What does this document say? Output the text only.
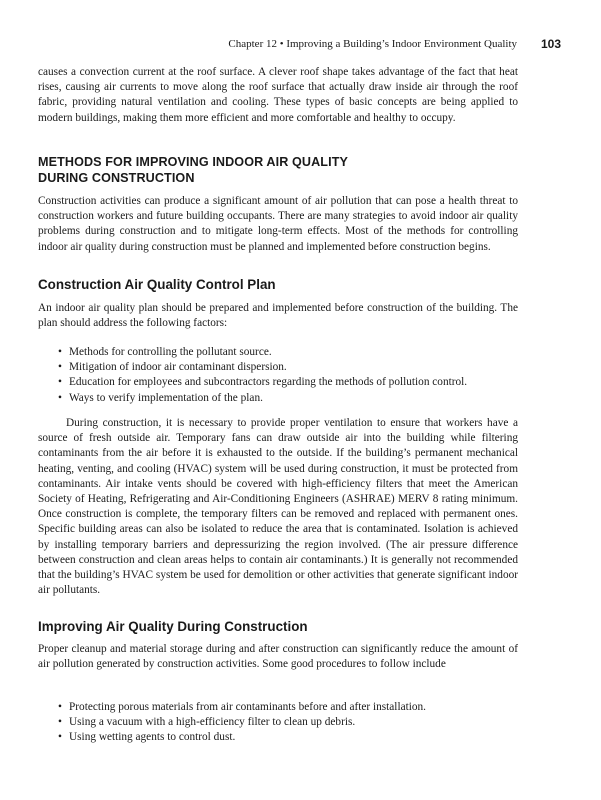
Chapter 12 • Improving a Building’s Indoor Environment Quality 103

causes a convection current at the roof surface. A clever roof shape takes advantage of the fact that heat rises, causing air currents to move along the roof surface that actually draw inside air through the roof fabric, providing natural ventilation and cooling. These types of basic concepts are being applied to modern buildings, making them more efficient and more comfortable and healthy to occupy.

METHODS FOR IMPROVING INDOOR AIR QUALITY
DURING CONSTRUCTION

Construction activities can produce a significant amount of air pollution that can pose a health threat to construction workers and future building occupants. There are many strategies to avoid indoor air quality problems during construction and to mitigate long-term effects. Most of the methods for controlling indoor air quality during construction must be planned and implemented before construction begins.

Construction Air Quality Control Plan

An indoor air quality plan should be prepared and implemented before construction of the building. The plan should address the following factors:

• Methods for controlling the pollutant source.
• Mitigation of indoor air contaminant dispersion.
• Education for employees and subcontractors regarding the methods of pollution control.
• Ways to verify implementation of the plan.

During construction, it is necessary to provide proper ventilation to ensure that workers have a source of fresh outside air. Temporary fans can draw outside air into the building while filtering contaminants from the air before it is exhausted to the outside. If the building’s permanent mechanical heating, venting, and cooling (HVAC) system will be used during construction, it must be protected from contaminants. Air intake vents should be covered with high-efficiency filters that meet the American Society of Heating, Refrigerating and Air-Conditioning Engineers (ASHRAE) MERV 8 rating minimum. Once construction is complete, the temporary filters can be removed and replaced with permanent ones. Specific building areas can also be isolated to reduce the area that is contaminated. Isolation is achieved by installing temporary barriers and depressurizing the region involved. (The air pressure difference between construction and clean areas helps to contain air contaminants.) It is generally not recommended that the building’s HVAC system be used for demolition or other activities that generate significant indoor air pollutants.

Improving Air Quality During Construction

Proper cleanup and material storage during and after construction can significantly reduce the amount of air pollution generated by construction activities. Some good procedures to follow include

• Protecting porous materials from air contaminants before and after installation.
• Using a vacuum with a high-efficiency filter to clean up debris.
• Using wetting agents to control dust.
